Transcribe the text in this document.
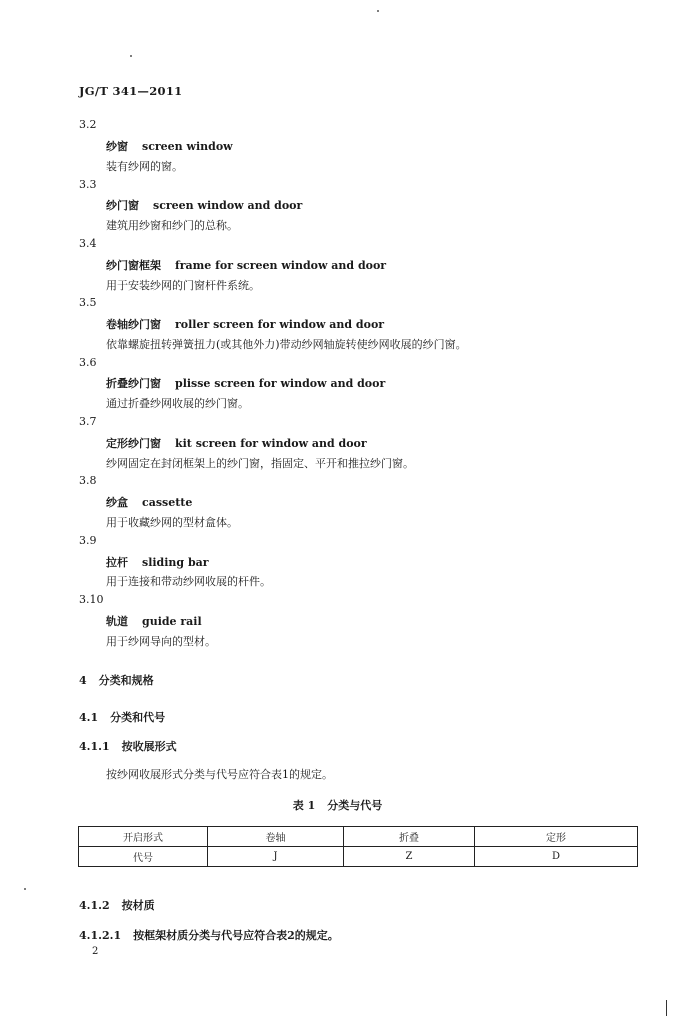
JG/T 341—2011
3.2
纱窗 screen window
装有纱网的窗。
3.3
纱门窗 screen window and door
建筑用纱窗和纱门的总称。
3.4
纱门窗框架 frame for screen window and door
用于安装纱网的门窗杆件系统。
3.5
卷轴纱门窗 roller screen for window and door
依靠螺旋扭转弹簧扭力(或其他外力)带动纱网轴旋转使纱网收展的纱门窗。
3.6
折叠纱门窗 plisse screen for window and door
通过折叠纱网收展的纱门窗。
3.7
定形纱门窗 kit screen for window and door
纱网固定在封闭框架上的纱门窗，指固定、平开和推拉纱门窗。
3.8
纱盒 cassette
用于收藏纱网的型材盒体。
3.9
拉杆 sliding bar
用于连接和带动纱网收展的杆件。
3.10
轨道 guide rail
用于纱网导向的型材。
4 分类和规格
4.1 分类和代号
4.1.1 按收展形式
按纱网收展形式分类与代号应符合表1的规定。
表 1 分类与代号
开启形式	卷轴	折叠	定形
代号	J	Z	D
4.1.2 按材质
4.1.2.1 按框架材质分类与代号应符合表2的规定。
2
